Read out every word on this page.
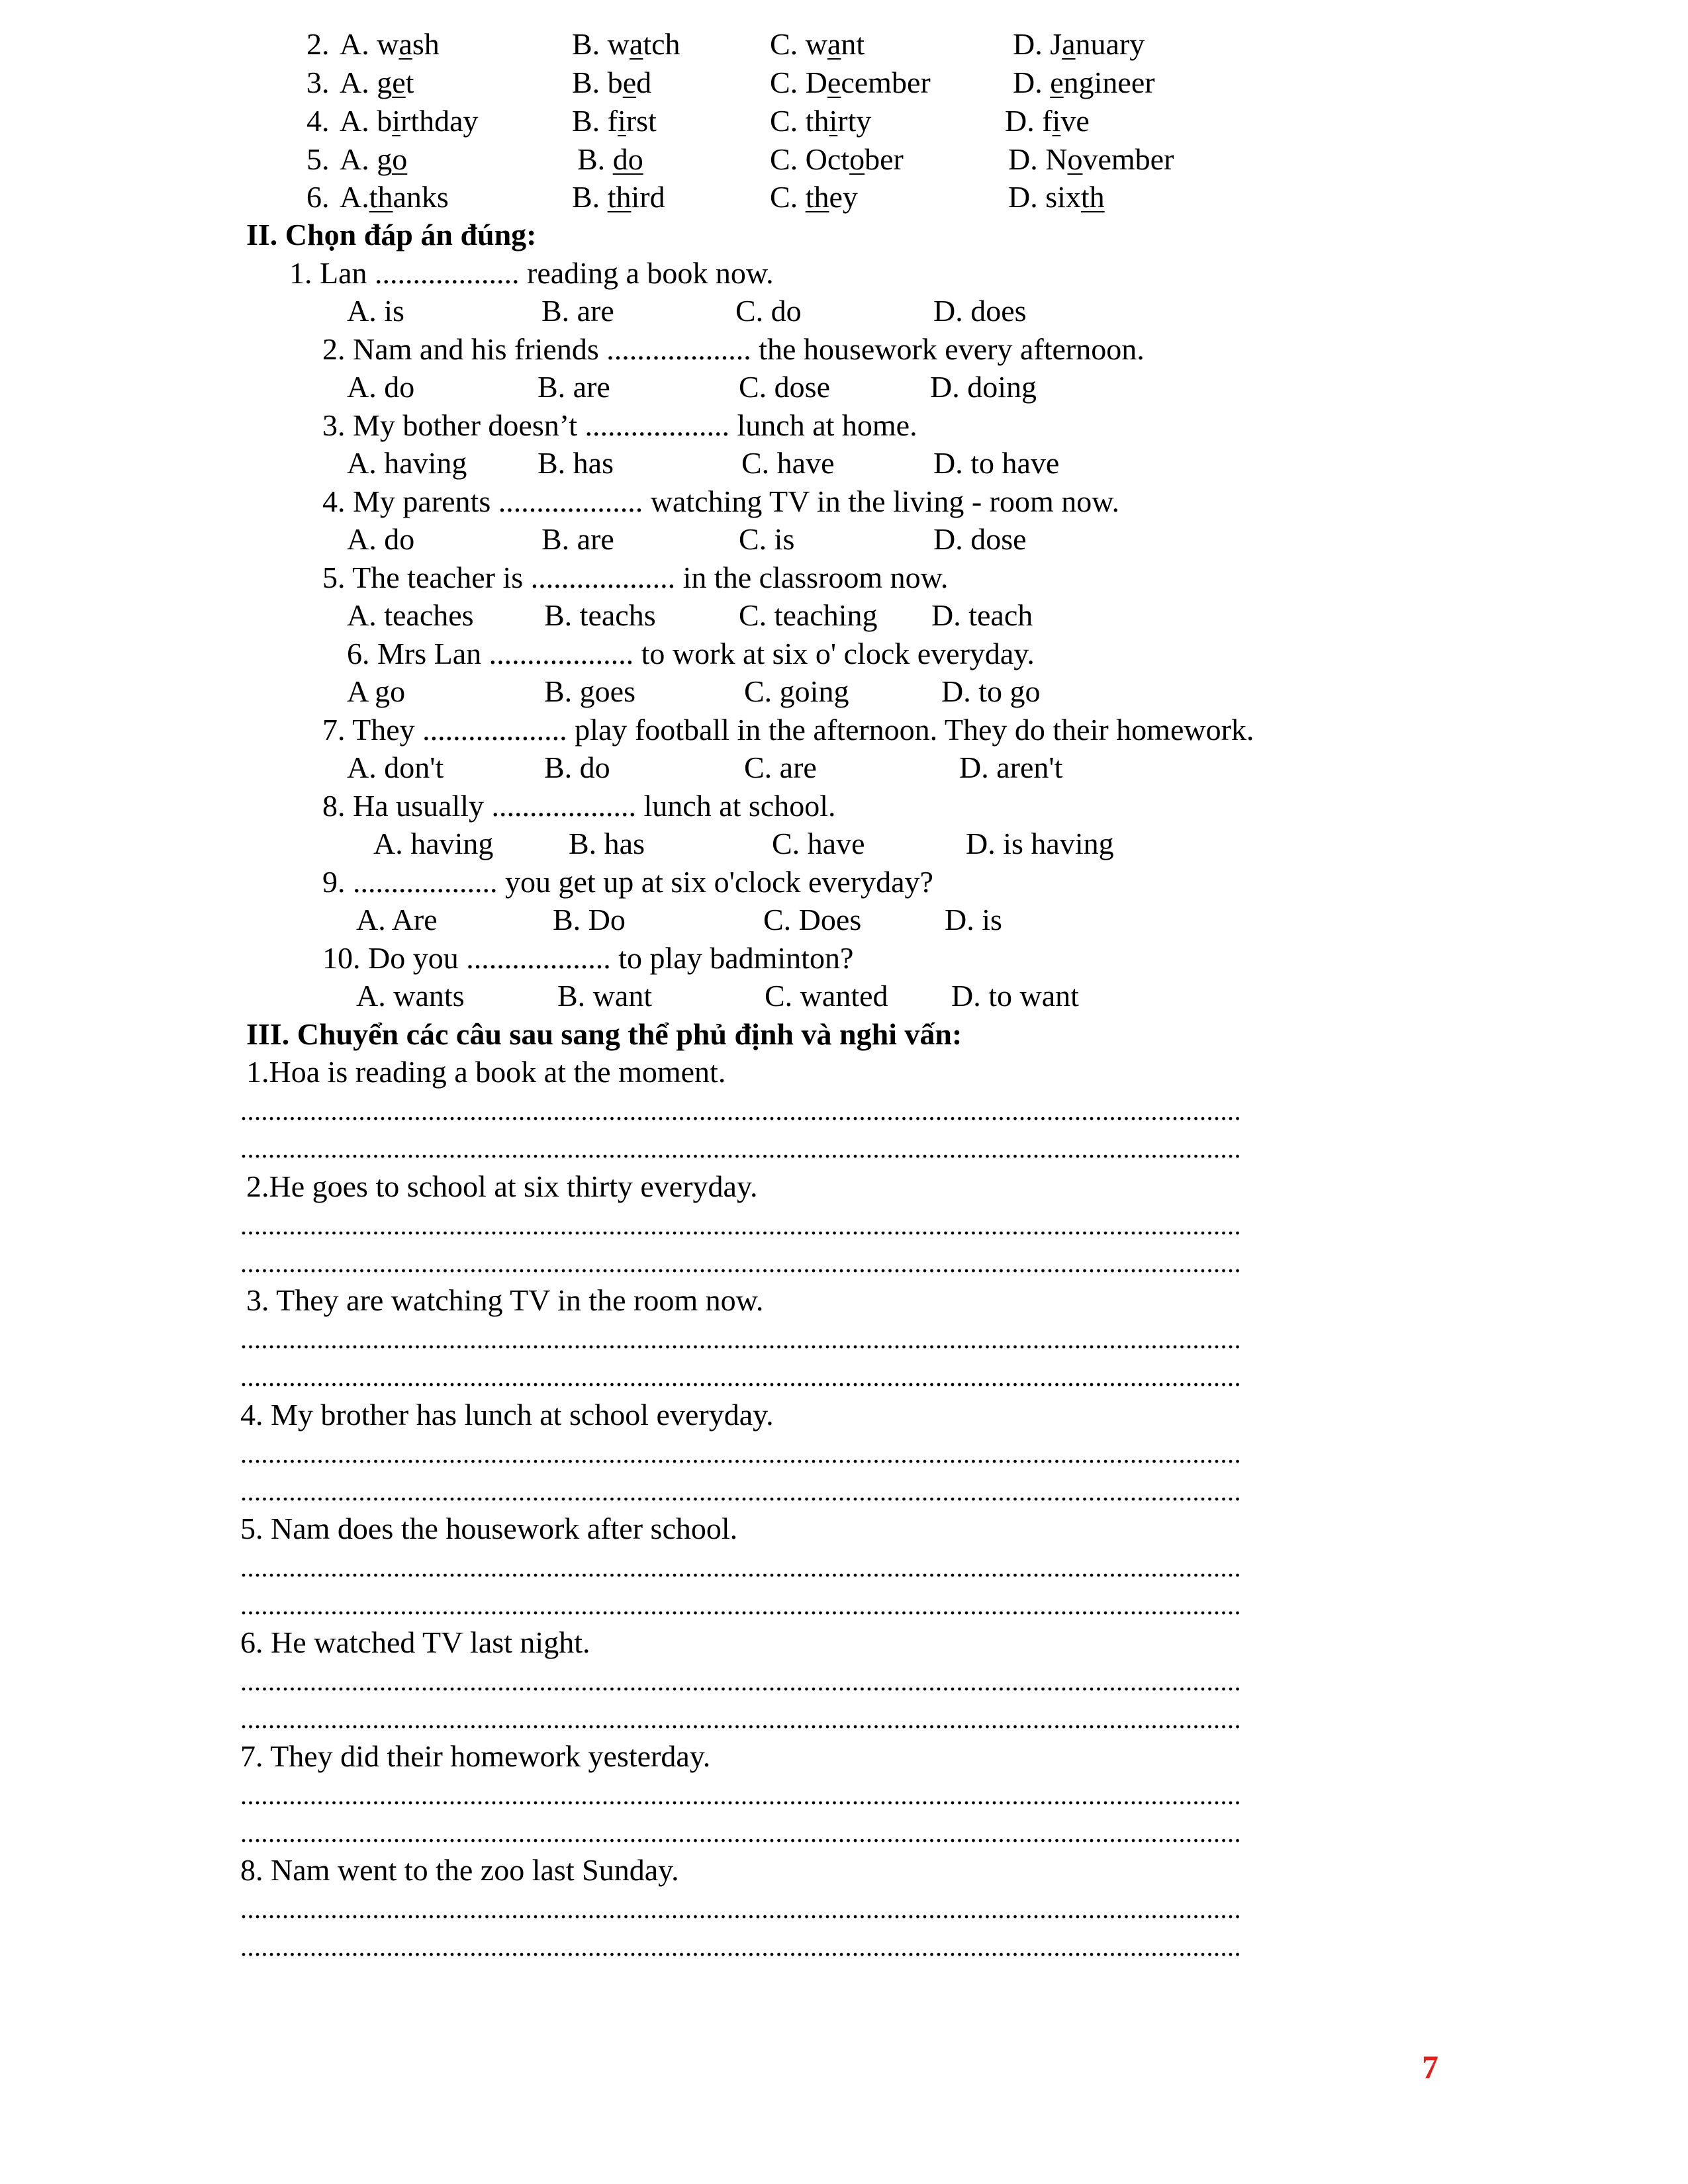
2. A. wash	B. watch	C. want	D. January
3. A. get	B. bed	C. December	D. engineer
4. A. birthday	B. first	C. thirty	D. five
5. A. go	B. do	C. October	D. November
6. A.thanks	B. third	C. they	D. sixth
II. Chọn đáp án đúng:
1. Lan ................... reading a book now.
A. is	B. are	C. do	D. does
2. Nam and his friends ................... the housework every afternoon.
A. do	B. are	C. dose	D. doing
3. My bother doesn’t ................... lunch at home.
A. having B. has	C. have	D. to have
4. My parents ................... watching TV in the living - room now.
A. do	B. are	C. is	D. dose
5. The teacher is ................... in the classroom now.
A. teaches B. teachs	C. teaching D. teach
6. Mrs Lan ................... to work at six o' clock everyday.
A go	B. goes	C. going	D. to go
7. They ................... play football in the afternoon. They do their homework.
A. don't	B. do	C. are	D. aren't
8. Ha usually ................... lunch at school.
A. having B. has	C. have	D. is having
9. ................... you get up at six o'clock everyday?
A. Are	B. Do	C. Does	D. is
10. Do you ................... to play badminton?
A. wants	B. want	C. wanted D. to want
III. Chuyển các câu sau sang thể phủ định và nghi vấn:
1.Hoa is reading a book at the moment.
................................................................................................................................................
................................................................................................................................................
2.He goes to school at six thirty everyday.
................................................................................................................................................
................................................................................................................................................
3. They are watching TV in the room now.
................................................................................................................................................
................................................................................................................................................
4. My brother has lunch at school everyday.
................................................................................................................................................
................................................................................................................................................
5. Nam does the housework after school.
................................................................................................................................................
................................................................................................................................................
6. He watched TV last night.
................................................................................................................................................
................................................................................................................................................
7. They did their homework yesterday.
................................................................................................................................................
................................................................................................................................................
8. Nam went to the zoo last Sunday.
................................................................................................................................................
................................................................................................................................................
7
